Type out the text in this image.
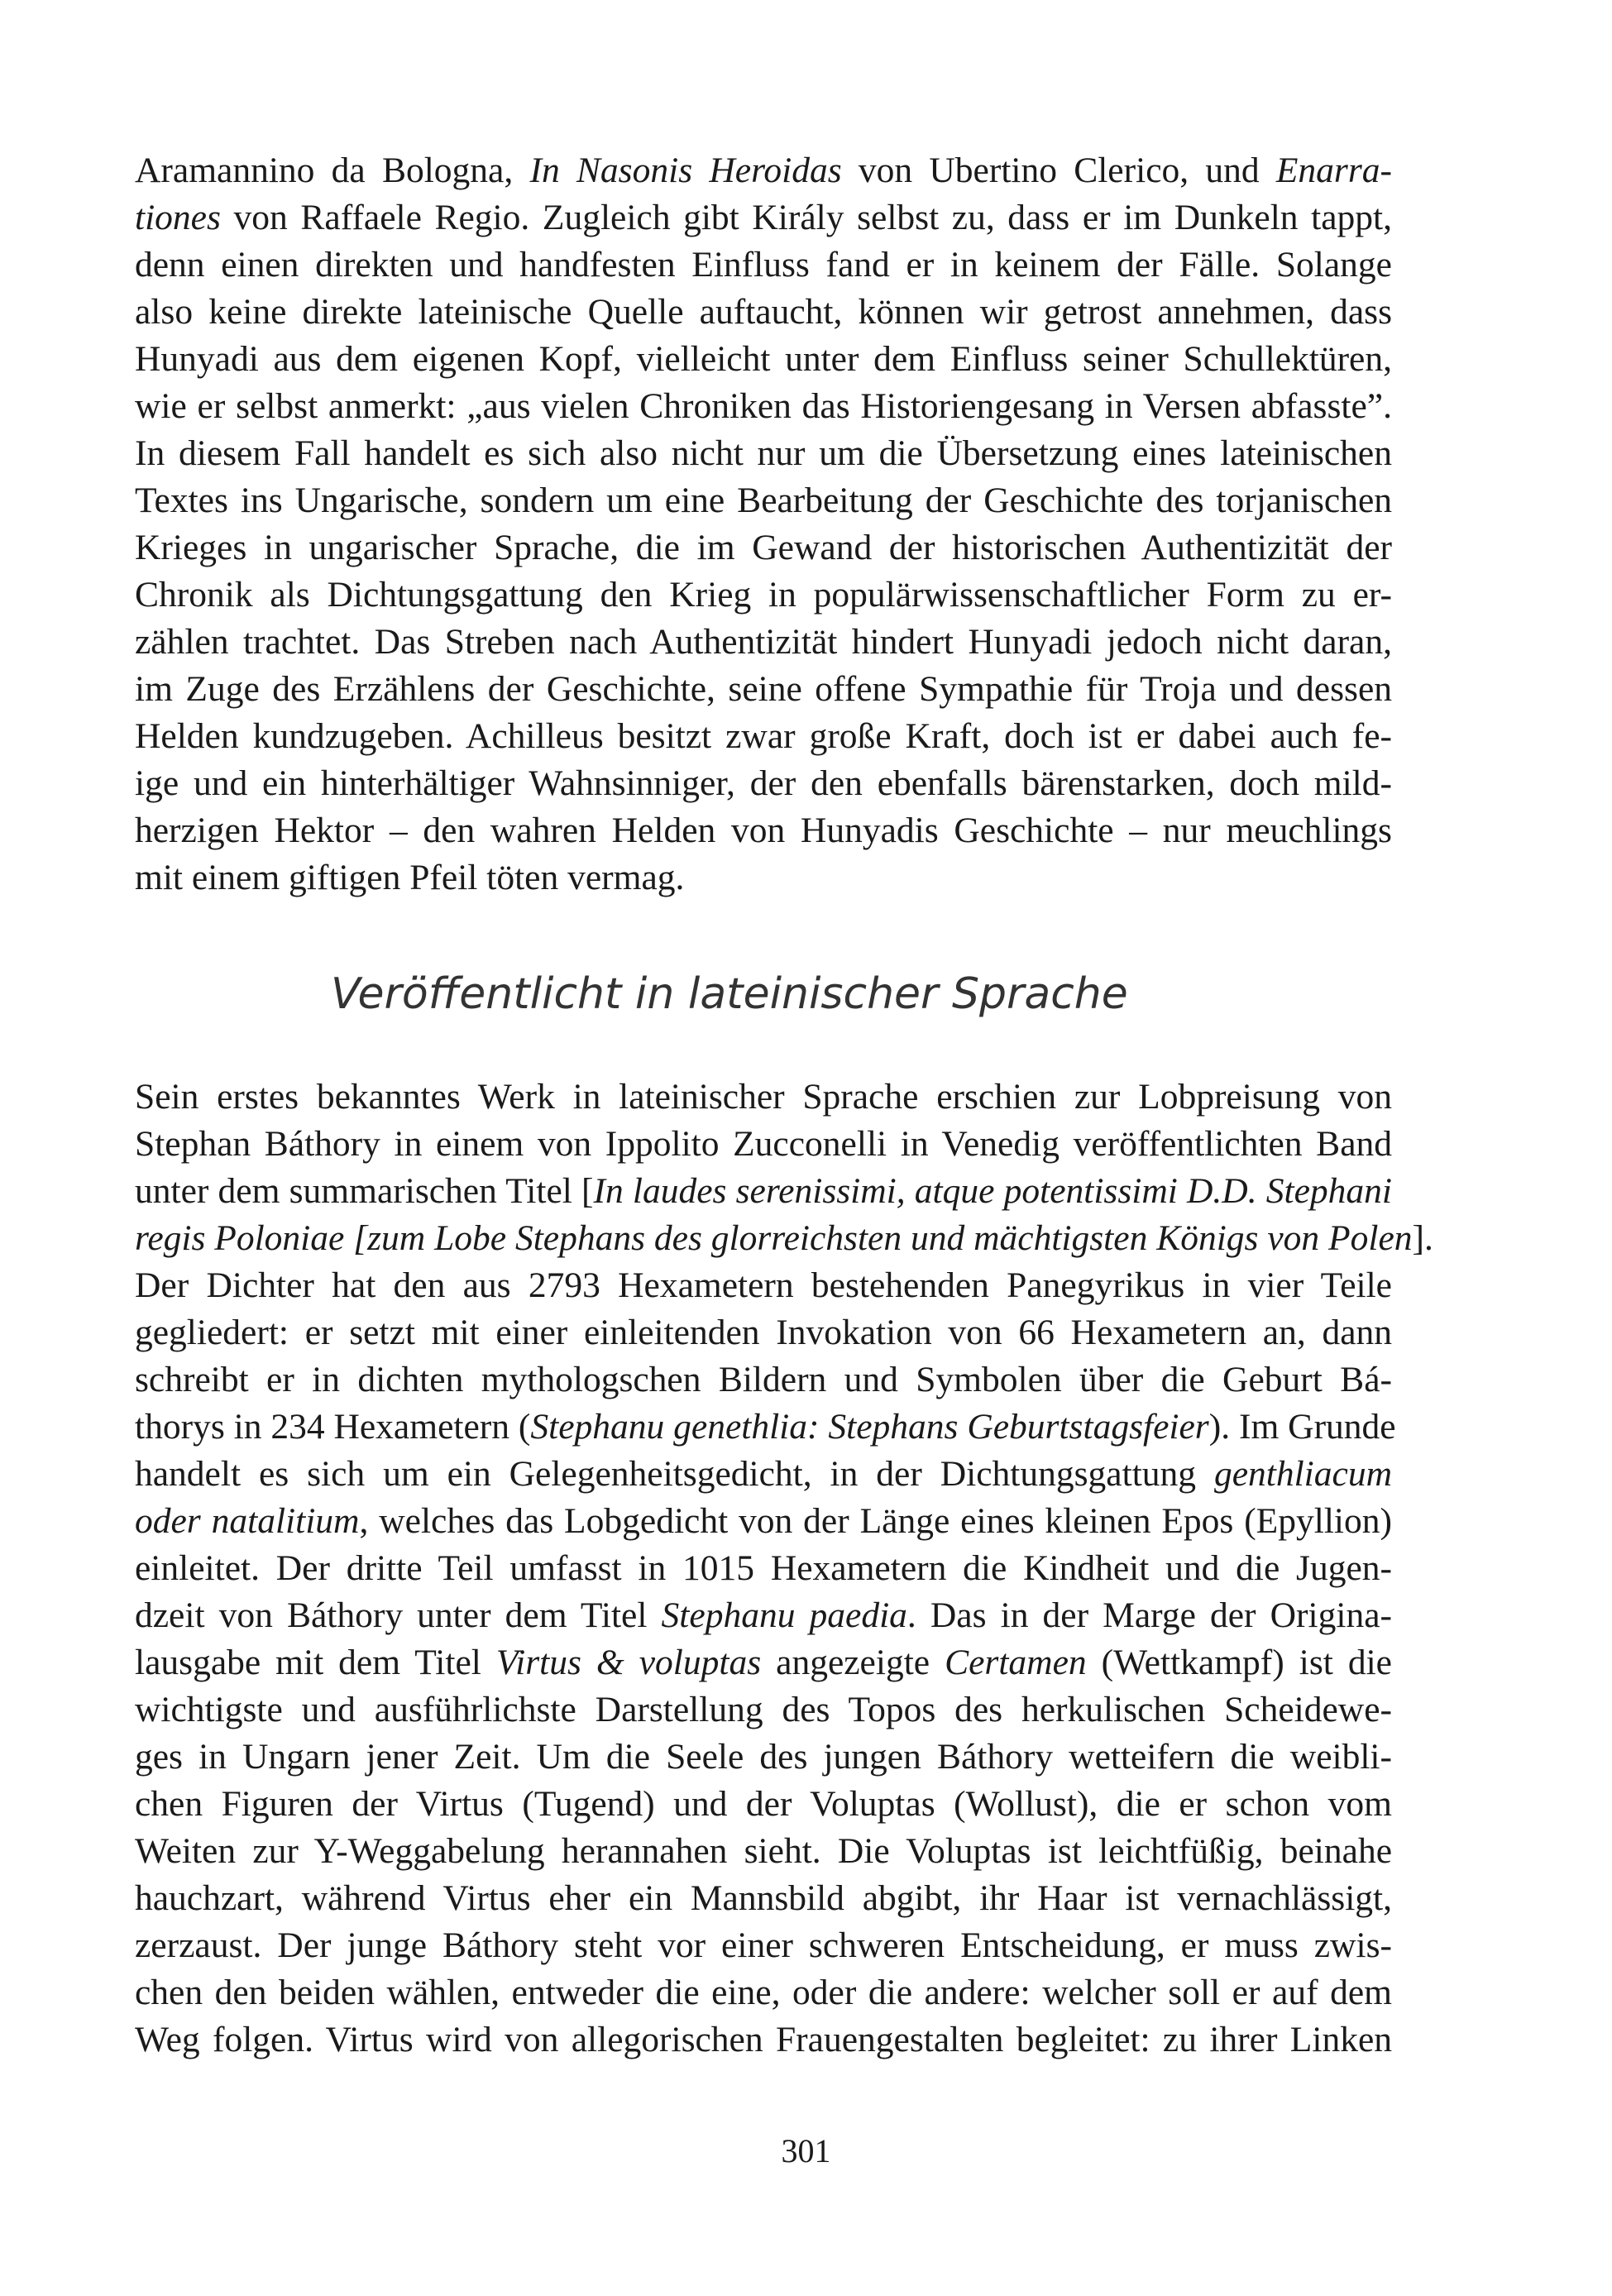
Aramannino da Bologna, In Nasonis Heroidas von Ubertino Clerico, und Enarra-
tiones von Raffaele Regio. Zugleich gibt Király selbst zu, dass er im Dunkeln tappt,
denn einen direkten und handfesten Einfluss fand er in keinem der Fälle. Solange
also keine direkte lateinische Quelle auftaucht, können wir getrost annehmen, dass
Hunyadi aus dem eigenen Kopf, vielleicht unter dem Einfluss seiner Schullektüren,
wie er selbst anmerkt: „aus vielen Chroniken das Historiengesang in Versen abfasste”.
In diesem Fall handelt es sich also nicht nur um die Übersetzung eines lateinischen
Textes ins Ungarische, sondern um eine Bearbeitung der Geschichte des torjanischen
Krieges in ungarischer Sprache, die im Gewand der historischen Authentizität der
Chronik als Dichtungsgattung den Krieg in populärwissenschaftlicher Form zu er-
zählen trachtet. Das Streben nach Authentizität hindert Hunyadi jedoch nicht daran,
im Zuge des Erzählens der Geschichte, seine offene Sympathie für Troja und dessen
Helden kundzugeben. Achilleus besitzt zwar große Kraft, doch ist er dabei auch fe-
ige und ein hinterhältiger Wahnsinniger, der den ebenfalls bärenstarken, doch mild-
herzigen Hektor – den wahren Helden von Hunyadis Geschichte – nur meuchlings
mit einem giftigen Pfeil töten vermag.
Veröffentlicht in lateinischer Sprache
Sein erstes bekanntes Werk in lateinischer Sprache erschien zur Lobpreisung von
Stephan Báthory in einem von Ippolito Zucconelli in Venedig veröffentlichten Band
unter dem summarischen Titel [In laudes serenissimi, atque potentissimi D.D. Stephani
regis Poloniae [zum Lobe Stephans des glorreichsten und mächtigsten Königs von Polen].
Der Dichter hat den aus 2793 Hexametern bestehenden Panegyrikus in vier Teile
gegliedert: er setzt mit einer einleitenden Invokation von 66 Hexametern an, dann
schreibt er in dichten mythologschen Bildern und Symbolen über die Geburt Bá-
thorys in 234 Hexametern (Stephanu genethlia: Stephans Geburtstagsfeier). Im Grunde
handelt es sich um ein Gelegenheitsgedicht, in der Dichtungsgattung genthliacum
oder natalitium, welches das Lobgedicht von der Länge eines kleinen Epos (Epyllion)
einleitet. Der dritte Teil umfasst in 1015 Hexametern die Kindheit und die Jugen-
dzeit von Báthory unter dem Titel Stephanu paedia. Das in der Marge der Origina-
lausgabe mit dem Titel Virtus & voluptas angezeigte Certamen (Wettkampf) ist die
wichtigste und ausführlichste Darstellung des Topos des herkulischen Scheidewe-
ges in Ungarn jener Zeit. Um die Seele des jungen Báthory wetteifern die weibli-
chen Figuren der Virtus (Tugend) und der Voluptas (Wollust), die er schon vom
Weiten zur Y-Weggabelung herannahen sieht. Die Voluptas ist leichtfüßig, beinahe
hauchzart, während Virtus eher ein Mannsbild abgibt, ihr Haar ist vernachlässigt,
zerzaust. Der junge Báthory steht vor einer schweren Entscheidung, er muss zwis-
chen den beiden wählen, entweder die eine, oder die andere: welcher soll er auf dem
Weg folgen. Virtus wird von allegorischen Frauengestalten begleitet: zu ihrer Linken
301
